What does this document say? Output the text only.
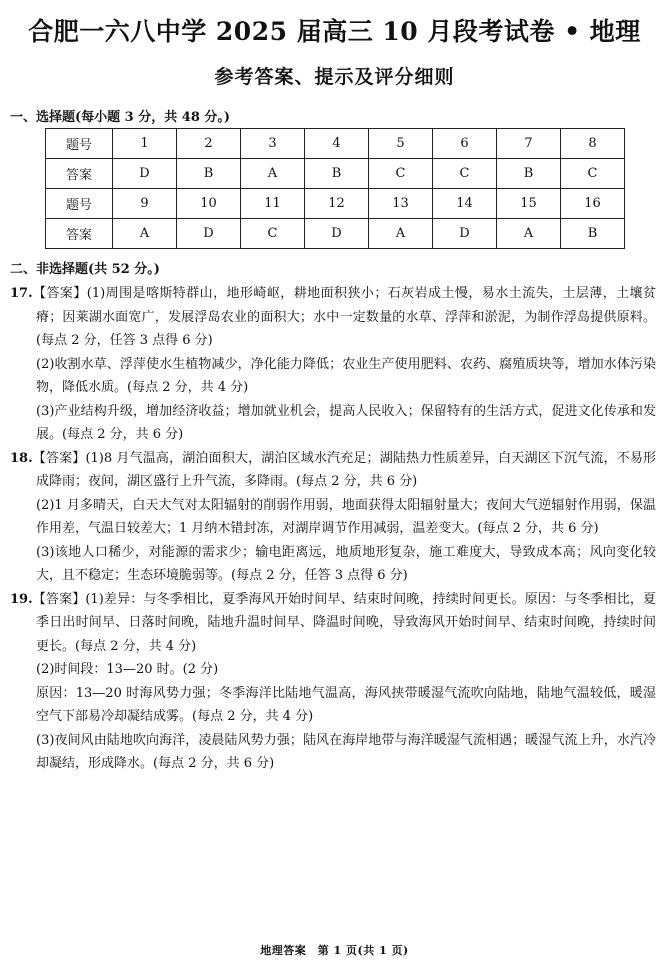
合肥一六八中学 2025 届高三 10 月段考试卷 • 地理
参考答案、提示及评分细则
一、选择题(每小题 3 分，共 48 分。)
题号	1	2	3	4	5	6	7	8
答案	D	B	A	B	C	C	B	C
题号	9	10	11	12	13	14	15	16
答案	A	D	C	D	A	D	A	B
二、非选择题(共 52 分。)

17.【答案】(1)周围是喀斯特群山，地形崎岖，耕地面积狭小；石灰岩成土慢，易水土流失，土层薄，土壤贫瘠；因莱湖水面宽广，发展浮岛农业的面积大；水中一定数量的水草、浮萍和淤泥，为制作浮岛提供原料。(每点 2 分，任答 3 点得 6 分)

(2)收割水草、浮萍使水生植物减少，净化能力降低；农业生产使用肥料、农药、腐殖质块等，增加水体污染物，降低水质。(每点 2 分，共 4 分)

(3)产业结构升级，增加经济收益；增加就业机会，提高人民收入；保留特有的生活方式，促进文化传承和发展。(每点 2 分，共 6 分)

18.【答案】(1)8 月气温高，湖泊面积大，湖泊区域水汽充足；湖陆热力性质差异，白天湖区下沉气流，不易形成降雨；夜间，湖区盛行上升气流，多降雨。(每点 2 分，共 6 分)

(2)1 月多晴天，白天大气对太阳辐射的削弱作用弱，地面获得太阳辐射量大；夜间大气逆辐射作用弱，保温作用差，气温日较差大；1 月纳木错封冻，对湖岸调节作用减弱，温差变大。(每点 2 分，共 6 分)

(3)该地人口稀少，对能源的需求少；输电距离远，地质地形复杂，施工难度大，导致成本高；风向变化较大，且不稳定；生态环境脆弱等。(每点 2 分，任答 3 点得 6 分)

19.【答案】(1)差异：与冬季相比，夏季海风开始时间早、结束时间晚，持续时间更长。原因：与冬季相比，夏季日出时间早、日落时间晚，陆地升温时间早、降温时间晚，导致海风开始时间早、结束时间晚，持续时间更长。(每点 2 分，共 4 分)

(2)时间段：13—20 时。(2 分)

原因：13—20 时海风势力强；冬季海洋比陆地气温高，海风挟带暖湿气流吹向陆地，陆地气温较低，暖湿空气下部易冷却凝结成雾。(每点 2 分，共 4 分)

(3)夜间风由陆地吹向海洋，凌晨陆风势力强；陆风在海岸地带与海洋暖湿气流相遇；暖湿气流上升，水汽冷却凝结，形成降水。(每点 2 分，共 6 分)

地理答案　第 1 页(共 1 页)
